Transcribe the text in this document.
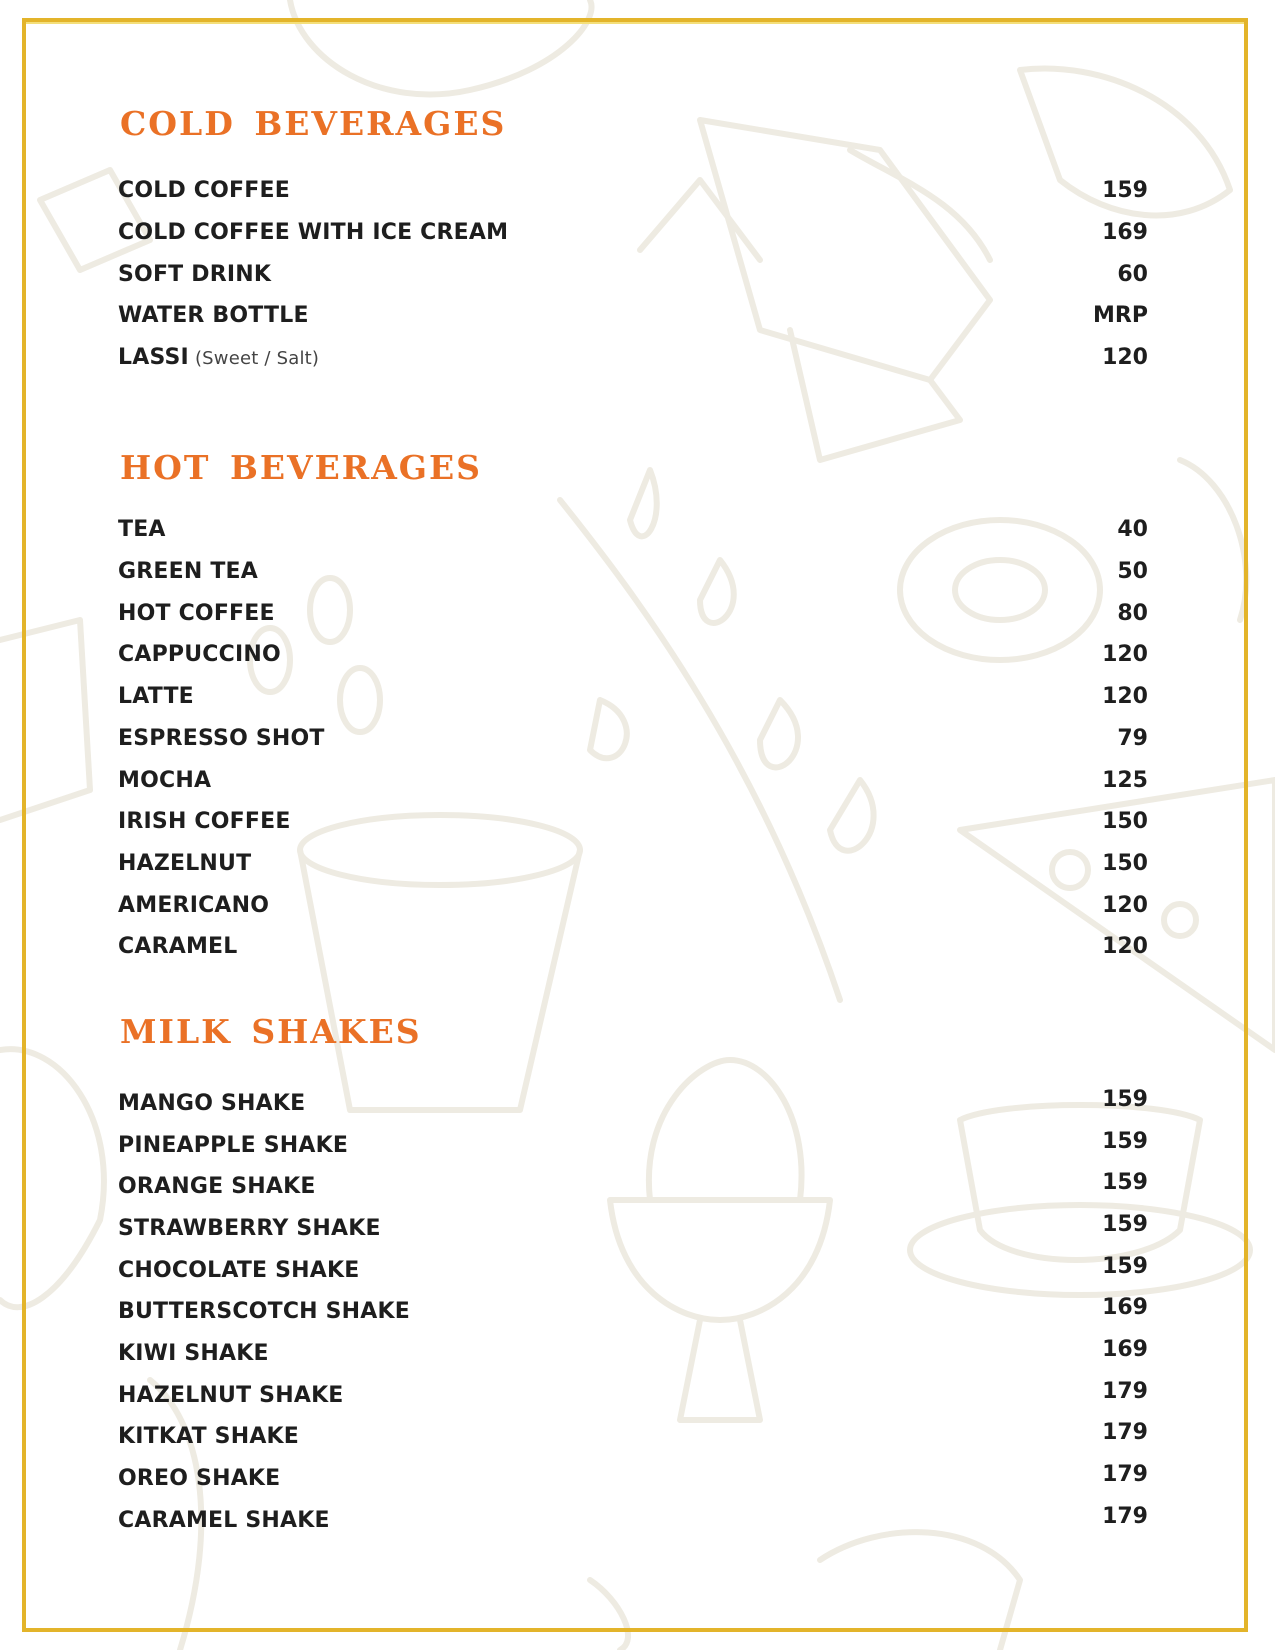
COLD BEVERAGES
COLD COFFEE	159
COLD COFFEE WITH ICE CREAM	169
SOFT DRINK	60
WATER BOTTLE	MRP
LASSI (Sweet / Salt)	120
HOT BEVERAGES
TEA	40
GREEN TEA	50
HOT COFFEE	80
CAPPUCCINO	120
LATTE	120
ESPRESSO SHOT	79
MOCHA	125
IRISH COFFEE	150
HAZELNUT	150
AMERICANO	120
CARAMEL	120
MILK SHAKES
MANGO SHAKE	159
PINEAPPLE SHAKE	159
ORANGE SHAKE	159
STRAWBERRY SHAKE	159
CHOCOLATE SHAKE	159
BUTTERSCOTCH SHAKE	169
KIWI SHAKE	169
HAZELNUT SHAKE	179
KITKAT SHAKE	179
OREO SHAKE	179
CARAMEL SHAKE	179
